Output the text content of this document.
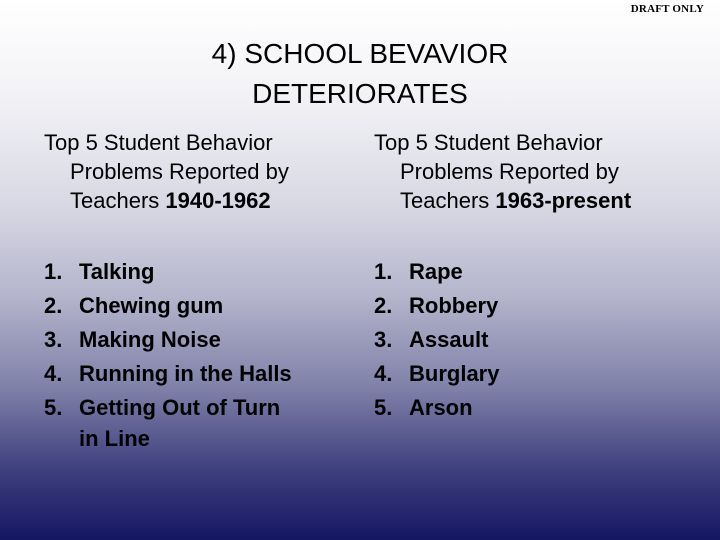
DRAFT ONLY
4) SCHOOL BEVAVIOR
DETERIORATES
Top 5 Student Behavior
Problems Reported by
Teachers 1940-1962
1. Talking
2. Chewing gum
3. Making Noise
4. Running in the Halls
5. Getting Out of Turn
in Line
Top 5 Student Behavior
Problems Reported by
Teachers 1963-present
1. Rape
2. Robbery
3. Assault
4. Burglary
5. Arson
